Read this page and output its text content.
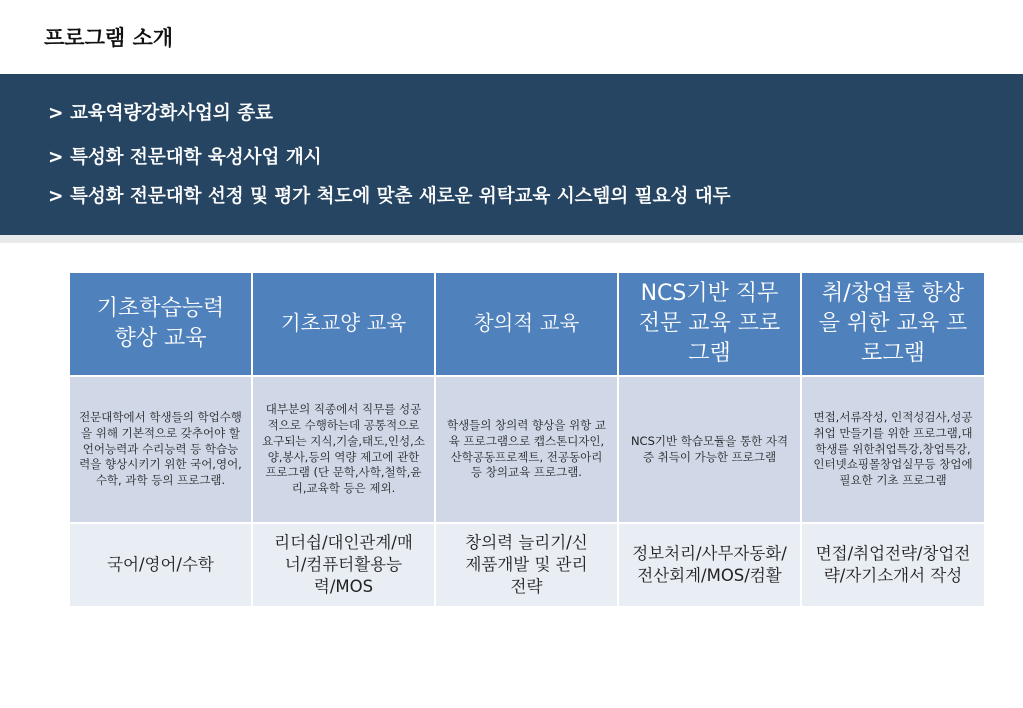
프로그램 소개
> 교육역량강화사업의 종료
> 특성화 전문대학 육성사업 개시
> 특성화 전문대학 선정 및 평가 척도에 맞춘 새로운 위탁교육 시스템의 필요성 대두
기초학습능력 향상 교육	기초교양 교육	창의적 교육	NCS기반 직무 전문 교육 프로그램	취/창업률 향상을 위한 교육 프로그램
전문대학에서 학생들의 학업수행을 위해 기본적으로 갖추어야 할 언어능력과 수리능력 등 학습능력을 향상시키기 위한 국어,영어,수학, 과학 등의 프로그램.	대부분의 직종에서 직무를 성공적으로 수행하는데 공통적으로 요구되는 지식,기술,태도,인성,소양,봉사,등의 역량 제고에 관한 프로그램 (단 문학,사학,철학,윤리,교육학 등은 제외.	학생들의 창의력 향상을 위항 교육 프로그램으로 캡스톤디자인,산학공동프로젝트, 전공동아리 등 창의교육 프로그램.	NCS기반 학습모듈을 통한 자격증 취득이 가능한 프로그램	면접,서류작성, 인적성검사,성공취업 만들기를 위한 프로그램,대학생를 위한취업특강,창업특강, 인터넷쇼핑몰창업실무등 창업에 필요한 기초 프로그램
국어/영어/수학	리더쉽/대인관계/매너/컴퓨터활용능력/MOS	창의력 늘리기/신제품개발 및 관리전략	정보처리/사무자동화/전산회계/MOS/컴활	면접/취업전략/창업전략/자기소개서 작성
